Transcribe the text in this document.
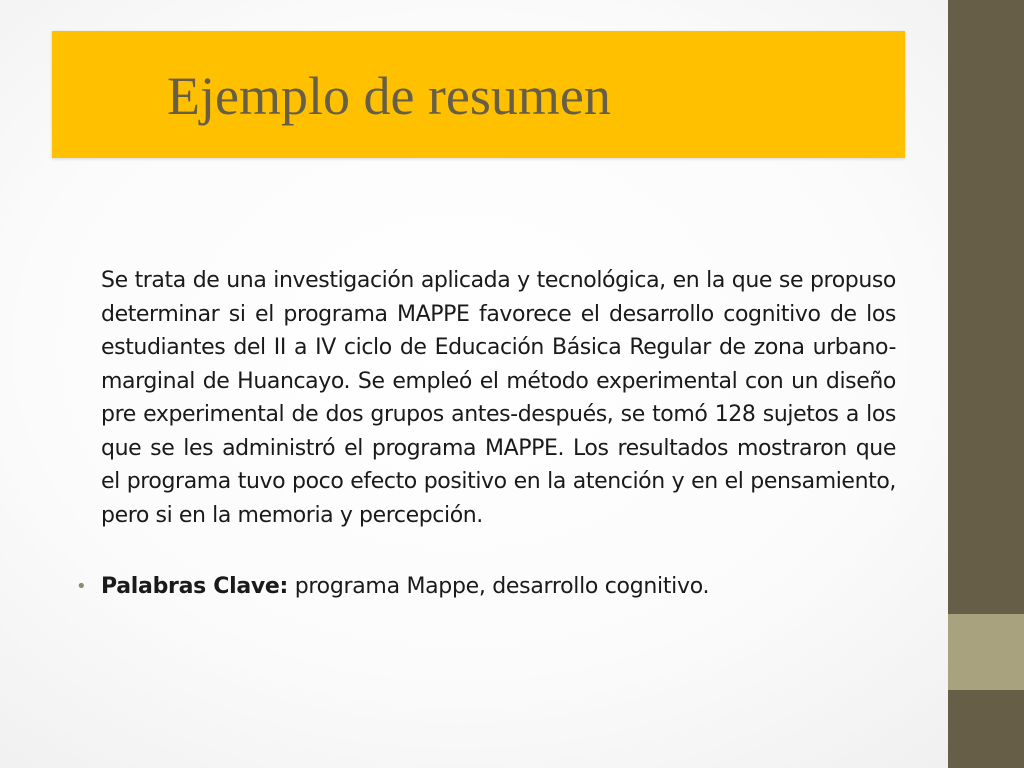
Ejemplo de resumen

Se trata de una investigación aplicada y tecnológica, en la que se propuso determinar si el programa MAPPE favorece el desarrollo cognitivo de los estudiantes del II a IV ciclo de Educación Básica Regular de zona urbano-marginal de Huancayo. Se empleó el método experimental con un diseño pre experimental de dos grupos antes-después, se tomó 128 sujetos a los que se les administró el programa MAPPE. Los resultados mostraron que el programa tuvo poco efecto positivo en la atención y en el pensamiento, pero si en la memoria y percepción.

• Palabras Clave: programa Mappe, desarrollo cognitivo.
